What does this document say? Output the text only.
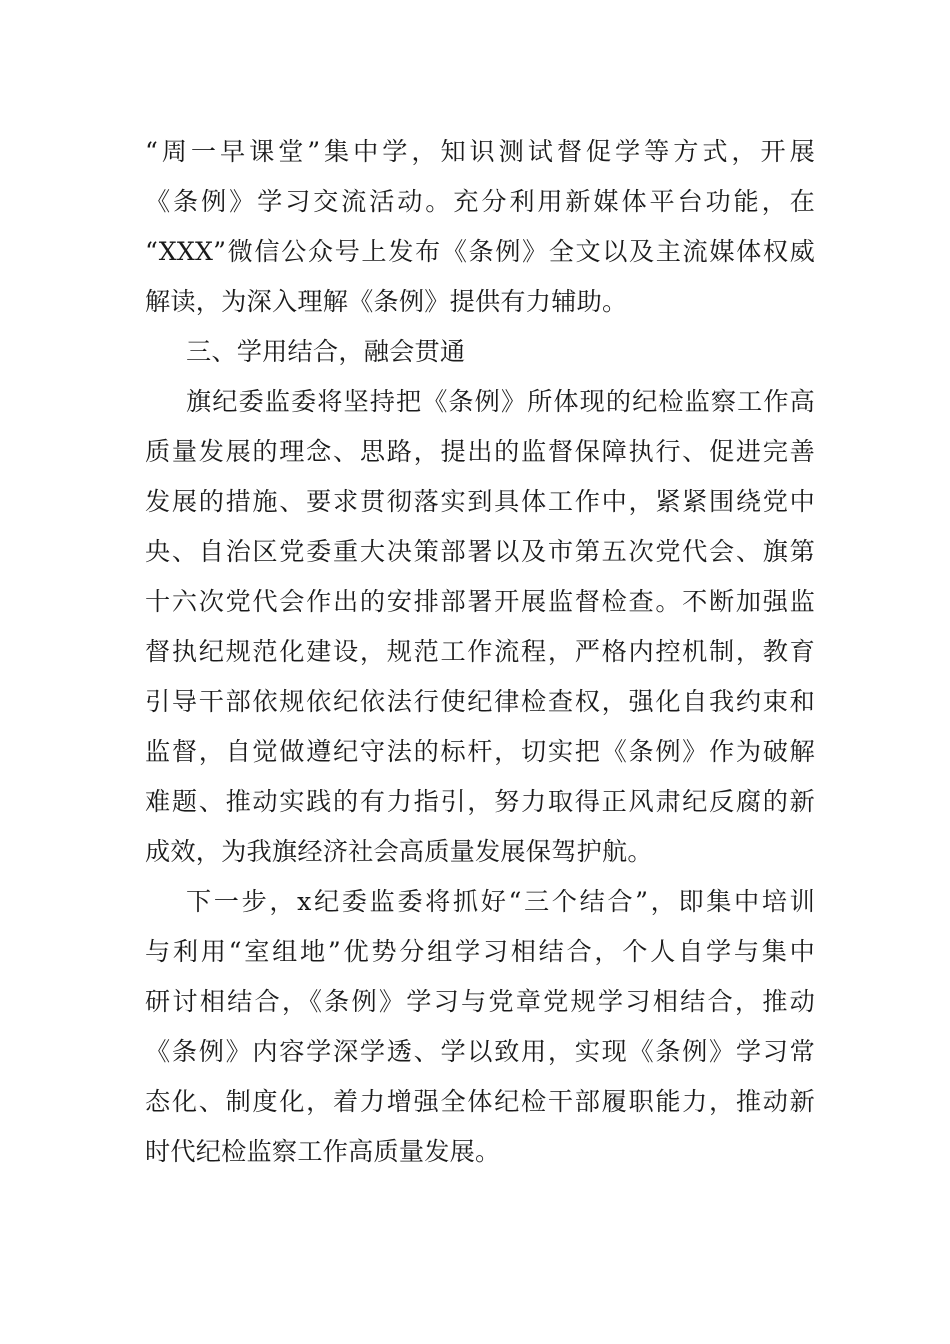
“周一早课堂”集中学，知识测试督促学等方式，开展
《条例》学习交流活动。充分利用新媒体平台功能，在
“XXX”微信公众号上发布《条例》全文以及主流媒体权威
解读，为深入理解《条例》提供有力辅助。
三、学用结合，融会贯通
旗纪委监委将坚持把《条例》所体现的纪检监察工作高
质量发展的理念、思路，提出的监督保障执行、促进完善
发展的措施、要求贯彻落实到具体工作中，紧紧围绕党中
央、自治区党委重大决策部署以及市第五次党代会、旗第
十六次党代会作出的安排部署开展监督检查。不断加强监
督执纪规范化建设，规范工作流程，严格内控机制，教育
引导干部依规依纪依法行使纪律检查权，强化自我约束和
监督，自觉做遵纪守法的标杆，切实把《条例》作为破解
难题、推动实践的有力指引，努力取得正风肃纪反腐的新
成效，为我旗经济社会高质量发展保驾护航。
下一步，x纪委监委将抓好“三个结合”，即集中培训
与利用“室组地”优势分组学习相结合，个人自学与集中
研讨相结合，《条例》学习与党章党规学习相结合，推动
《条例》内容学深学透、学以致用，实现《条例》学习常
态化、制度化，着力增强全体纪检干部履职能力，推动新
时代纪检监察工作高质量发展。
